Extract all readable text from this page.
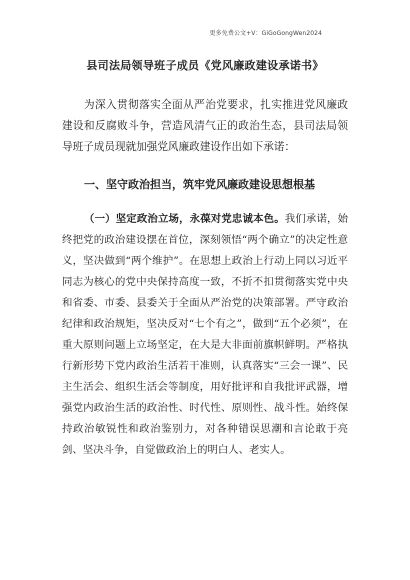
更多免费公文+V：GiGoGongWen2024
县司法局领导班子成员《党风廉政建设承诺书》
为深入贯彻落实全面从严治党要求，扎实推进党风廉政建设和反腐败斗争，营造风清气正的政治生态，县司法局领导班子成员现就加强党风廉政建设作出如下承诺：
一、坚守政治担当，筑牢党风廉政建设思想根基
（一）坚定政治立场，永葆对党忠诚本色。我们承诺，始终把党的政治建设摆在首位，深刻领悟“两个确立”的决定性意义，坚决做到“两个维护”。在思想上政治上行动上同以习近平同志为核心的党中央保持高度一致，不折不扣贯彻落实党中央和省委、市委、县委关于全面从严治党的决策部署。严守政治纪律和政治规矩，坚决反对“七个有之”，做到“五个必须”，在重大原则问题上立场坚定，在大是大非面前旗帜鲜明。严格执行新形势下党内政治生活若干准则，认真落实“三会一课”、民主生活会、组织生活会等制度，用好批评和自我批评武器，增强党内政治生活的政治性、时代性、原则性、战斗性。始终保持政治敏锐性和政治鉴别力，对各种错误思潮和言论敢于亮剑、坚决斗争，自觉做政治上的明白人、老实人。
